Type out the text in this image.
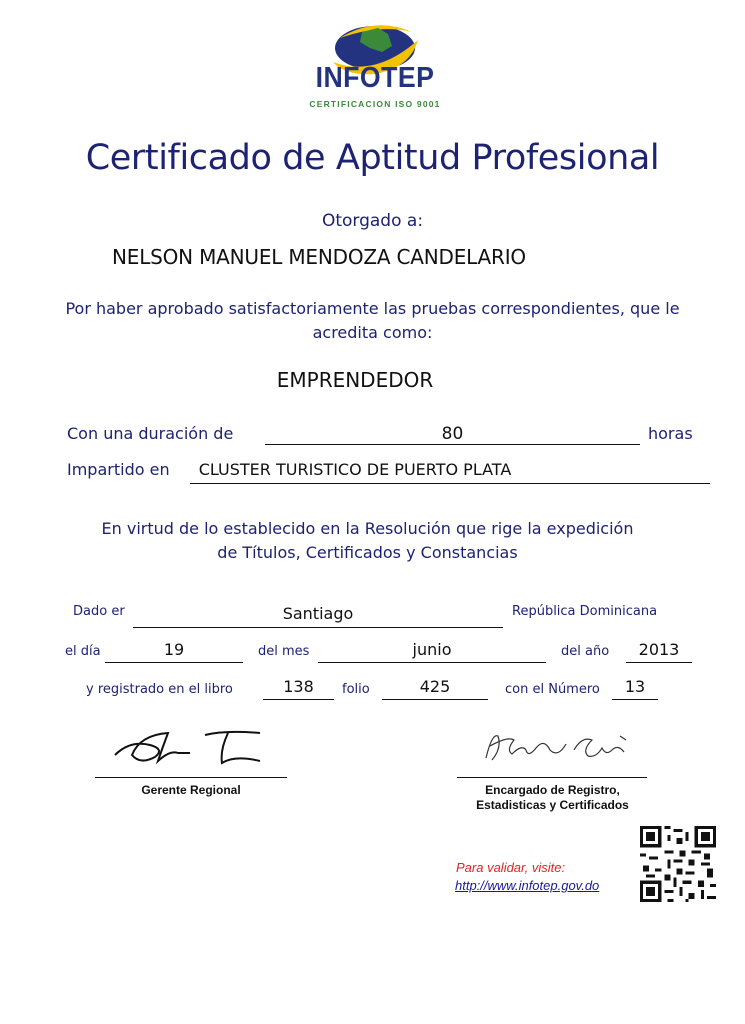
INFOTEP
CERTIFICACION ISO 9001
Certificado de Aptitud Profesional
Otorgado a:
NELSON MANUEL MENDOZA CANDELARIO
Por haber aprobado satisfactoriamente las pruebas correspondientes, que le acredita como:
EMPRENDEDOR
Con una duración de	80	horas
Impartido en	CLUSTER TURISTICO DE PUERTO PLATA
En virtud de lo establecido en la Resolución que rige la expedición de Títulos, Certificados y Constancias
Dado er	Santiago	República Dominicana
el día	19	del mes	junio	del año	2013
y registrado en el libro	138	folio	425	con el Número	13
Gerente Regional	Encargado de Registro,
Estadisticas y Certificados
Para validar, visite:
http://www.infotep.gov.do
